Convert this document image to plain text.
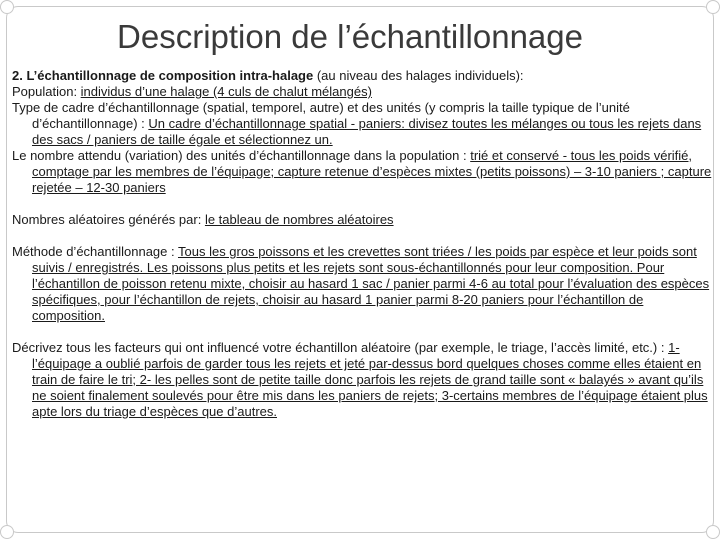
Description de l’échantillonnage

2. L’échantillonnage de composition intra-halage (au niveau des halages individuels):

Population: individus d’une halage (4 culs de chalut mélangés)

Type de cadre d’échantillonnage (spatial, temporel, autre) et des unités (y compris la taille typique de l’unité d’échantillonnage) : Un cadre d’échantillonnage spatial - paniers: divisez toutes les mélanges ou tous les rejets dans des sacs / paniers de taille égale et sélectionnez un.

Le nombre attendu (variation) des unités d’échantillonnage dans la population : trié et conservé - tous les poids vérifié, comptage par les membres de l’équipage; capture retenue d’espèces mixtes (petits poissons) – 3-10 paniers ; capture rejetée – 12-30 paniers

Nombres aléatoires générés par: le tableau de nombres aléatoires

Méthode d’échantillonnage : Tous les gros poissons et les crevettes sont triées / les poids par espèce et leur poids sont suivis / enregistrés. Les poissons plus petits et les rejets sont sous-échantillonnés pour leur composition. Pour l’échantillon de poisson retenu mixte, choisir au hasard 1 sac / panier parmi 4-6 au total pour l’évaluation des espèces spécifiques, pour l’échantillon de rejets, choisir au hasard 1 panier parmi 8-20 paniers pour l’échantillon de composition.

Décrivez tous les facteurs qui ont influencé votre échantillon aléatoire (par exemple, le triage, l’accès limité, etc.) : 1- l’équipage a oublié parfois de garder tous les rejets et jeté par-dessus bord quelques choses comme elles étaient en train de faire le tri; 2- les pelles sont de petite taille donc parfois les rejets de grand taille sont « balayés » avant qu’ils ne soient finalement soulevés pour être mis dans les paniers de rejets; 3-certains membres de l’équipage étaient plus apte lors du triage d’espèces que d’autres.
